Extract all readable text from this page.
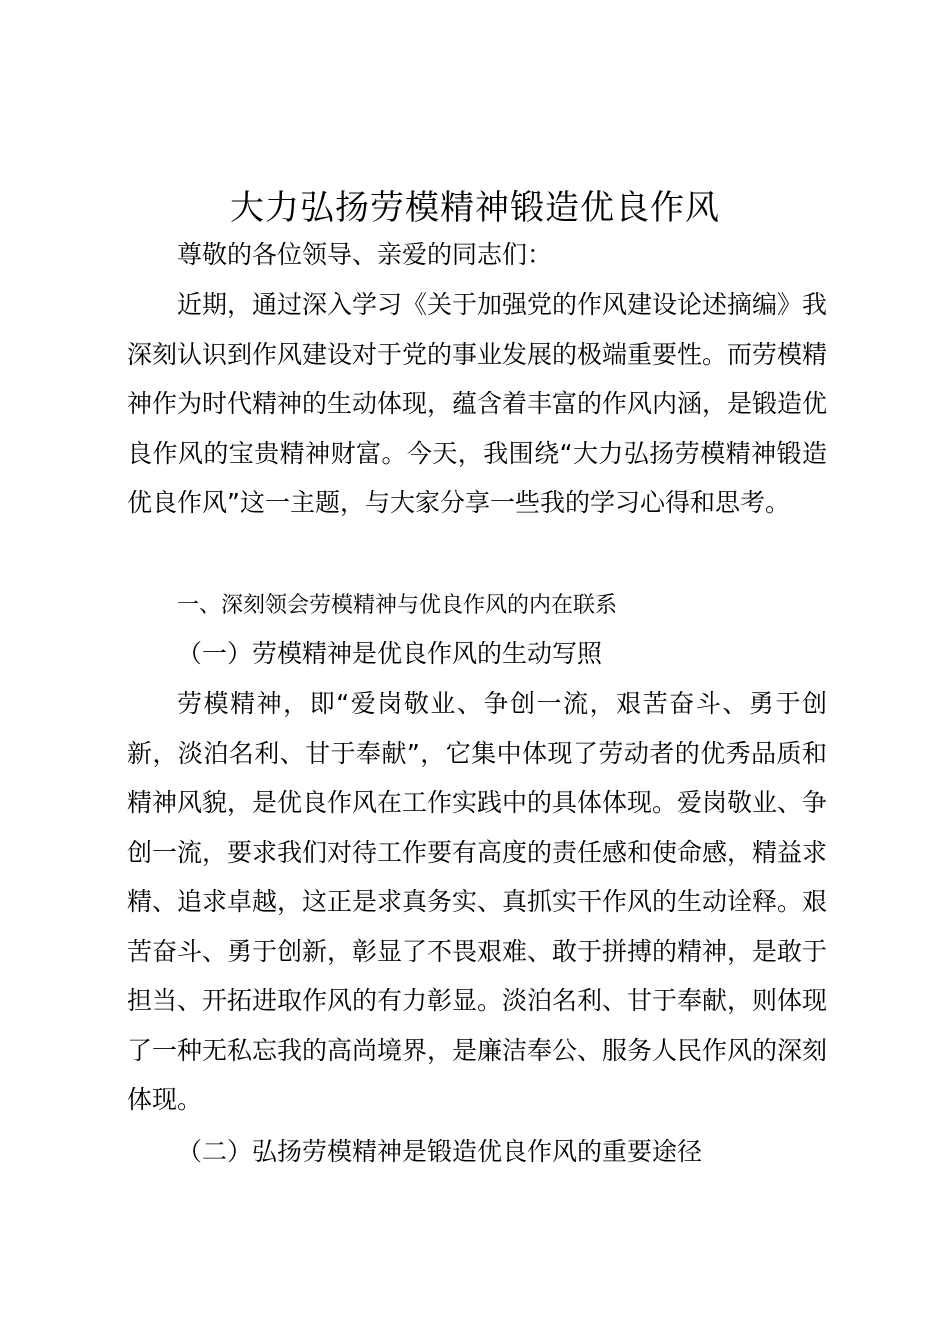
大力弘扬劳模精神锻造优良作风

尊敬的各位领导、亲爱的同志们：

近期，通过深入学习《关于加强党的作风建设论述摘编》我深刻认识到作风建设对于党的事业发展的极端重要性。而劳模精神作为时代精神的生动体现，蕴含着丰富的作风内涵，是锻造优良作风的宝贵精神财富。今天，我围绕“大力弘扬劳模精神锻造优良作风”这一主题，与大家分享一些我的学习心得和思考。

一、深刻领会劳模精神与优良作风的内在联系

（一）劳模精神是优良作风的生动写照

劳模精神，即“爱岗敬业、争创一流，艰苦奋斗、勇于创新，淡泊名利、甘于奉献”，它集中体现了劳动者的优秀品质和精神风貌，是优良作风在工作实践中的具体体现。爱岗敬业、争创一流，要求我们对待工作要有高度的责任感和使命感，精益求精、追求卓越，这正是求真务实、真抓实干作风的生动诠释。艰苦奋斗、勇于创新，彰显了不畏艰难、敢于拼搏的精神，是敢于担当、开拓进取作风的有力彰显。淡泊名利、甘于奉献，则体现了一种无私忘我的高尚境界，是廉洁奉公、服务人民作风的深刻体现。

（二）弘扬劳模精神是锻造优良作风的重要途径
